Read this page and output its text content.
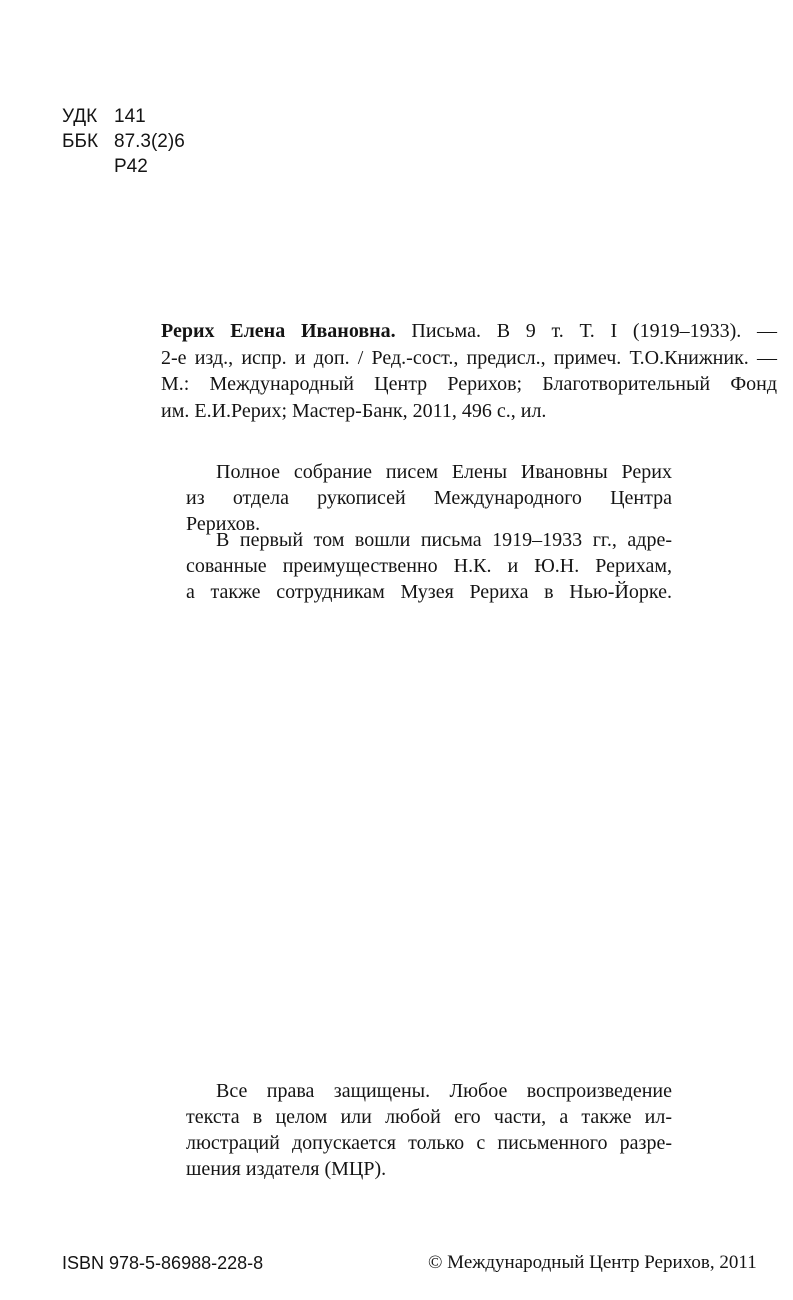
УДК 141
ББК 87.3(2)6
Р42
Рерих Елена Ивановна. Письма. В 9 т. Т. I (1919–1933). —
2-е изд., испр. и доп. / Ред.-сост., предисл., примеч. Т.О.Книжник. —
М.: Международный Центр Рерихов; Благотворительный Фонд
им. Е.И.Рерих; Мастер-Банк, 2011, 496 с., ил.
Полное собрание писем Елены Ивановны Рерих
из отдела рукописей Международного Центра
Рерихов.
В первый том вошли письма 1919–1933 гг., адре-
сованные преимущественно Н.К. и Ю.Н. Рерихам,
а также сотрудникам Музея Рериха в Нью-Йорке.
Все права защищены. Любое воспроизведение
текста в целом или любой его части, а также ил-
люстраций допускается только с письменного разре-
шения издателя (МЦР).
ISBN 978-5-86988-228-8	© Международный Центр Рерихов, 2011
